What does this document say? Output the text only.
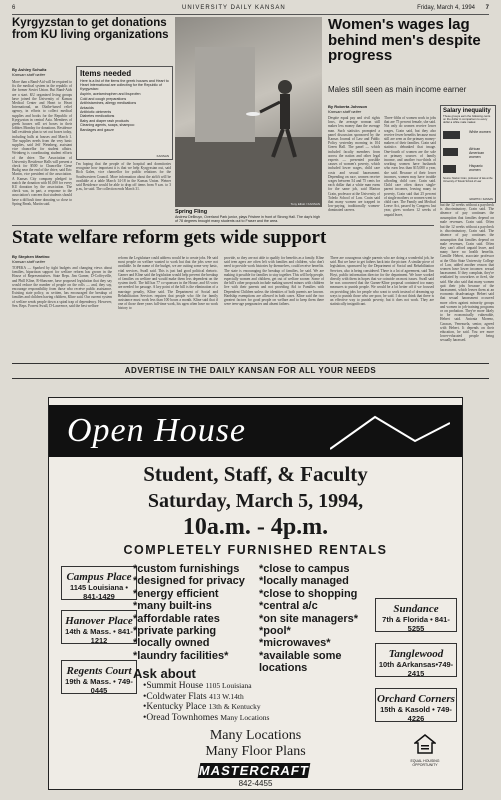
6	UNIVERSITY DAILY KANSAN	Friday, March 4, 1994 7
Kyrgyzstan to get donations from KU living organizations
By Ashley Schultz
Kansan staff writer
More than a Band-Aid will be required to fix the medical system in the republic of the former Soviet Union. But Band-Aids are a start. KU organized living groups have joined the University of Kansas Medical Center and Heart to Heart International, an Olathe-based relief agency, in efforts to collect medical supplies and books for the Republic of Kyrgyzstan in central Asia. Members of greek houses will set boxes in their lobbies Monday for donations. Residence hall residents plan to set out boxes today, including halls at houses and March 1. The supplies needs from the very basic supplies, said Jeff Weinberg, assistant vice chancellor for student affairs. Weinberg is coordinating student efforts of the drive. The Association of University Residence Halls will present a check for $500 to Chancellor Gene Budig near the end of the drive, said Eric Martin, vice president of the association. A Kansas City company pledged to match the donation with $1,000 for every KU donation by the association. The check was, in part, a response to the association's concern that students should have a difficult time donating so close to Spring Break, Martin said.
Items needed
Here is a list of the items the greek houses and Heart to Heart International are collecting for the Republic of Kyrgyzstan:
Aspirin, acetaminophen and ibuprofen
Cold and cough preparations
Antihistamines, allergy medications
Antacids
Antibiotic ointments
Diabetes medications
Baby and diaper rash products
Cleaning agents, soaps, shampoo
Bandages and gauze
KANSAN
I'm hoping that the people of the hospital and dormitories recognize how important it is that we help Kyrgyzstan out, said Rich Galen, vice chancellor for public relations for the Southwestern Council. More information about the airlift will be available at a table March 14-18 in the Kansas Union. Weiner said Residence would be able to drop off items from 9 a.m. to 3 p.m., he said. The collection ends March 31.
Tony Elliott / KANSAN
Spring Fling
Andrew DeBruyn, Overland Park junior, plays Frisbee in front of Strong Hall. The day's high of 78 degrees brought many students out to Fraser and the area.
Women's wages lag behind men's despite progress
Males still seen as main income earner
By Roberta Johnson
Kansan staff writer
Despite equal pay and civil rights laws, the average woman still makes less money than the average man. Such statistics prompted a panel discussion sponsored by the Kansas Journal of Law and Public Policy yesterday morning in 104 Green Hall. The panel — which included faculty members from across the nation and other legal experts — presented possible causes of women's poverty, which included lower wages, child care costs and sexual harassment. Depending on race, women receive wages between 54 and 75 cents for each dollar that a white man earns for the same job, said Marion Crain, professor at the University of Toledo School of Law. Crain said that many women are trapped in low-paying, traditionally women-dominated careers.
Three-fifths of women work in jobs that are 75 percent female, she said. Not only do women receive lower wages, Crain said, but they also receive fewer benefits because most still are seen as the primary money-makers of their families. Crain said statistics debunked that image. One-fourth of women are the sole or primary sources of family income, and another two-thirds of working women have husbands who earn less than $15,000 a year, she said. Because of their lower incomes, women may have trouble affording child care, Crain said. Child care often draws single-parent incomes, leaving many in poverty, Crain said that 25 percent of single mothers or women went to child care. The Family and Medical Leave Act, passed by Congress last year, gives workers 12 weeks of unpaid leave,
Salary inequality
These groups earn the following cents on the dollar in comparison to every dollar a white male makes:
White women
African American women
Hispanic women
Source: Marion Crain, professor of law at the University of Toledo School of Law
GRAPHIC / KANSAN
but the 12 weeks without a paycheck is discriminatory, Crain said. The absence of pay continues the assumption that families depend on male revenues, Crain said. Often
but the 12 weeks without a paycheck is discriminatory, Crain said. The absence of pay continues the assumption that families depend on male revenues, Crain said. Often they can't afford unpaid leave, and many have no health benefits. Camille Hebert, associate professor at the Ohio State University College of Law, added another reason that women have lower incomes: sexual harassment. If they complain, they're retaliated by coworkers or fired, she said. She also said that many women quit their jobs because of the harassment, which leaves them at an economic disadvantage. Hebert said that sexual harassment occurred more often against minority groups and women in job-training programs or on probation. They're more likely to be economically vulnerable, Hebert said. Antonia Moreno, Caracas, Venezuela, senior, agreed with Hebert. It depends on their education, he said. You see more lower-educated people being sexually harassed.
State welfare reform gets wide support
By Stephen Martino
Kansan staff writer
TOPEKA — Sparked by tight budgets and changing views about families, bipartisan support for welfare reform has grown in the House of Representatives. State Reps. Jim Garner, D-Coffeyville, and Phill Kline, R-Shawnee, have proposed legislation that they say would reduce the number of people on the rolls — and, they say, encourage responsibility from those who receive public assistance. Existing state policy, as written, has encouraged the breakup of families and children having children, Kline said. Our current system of welfare sends people down a spiral trap of dependency. However, Sen. Reps. Forrest Swall, D-Lawrence, said the best welfare
reform the Legislature could address would be to create jobs. He said most people on welfare wanted to work but that the jobs were not available. In the name of the budget, we are cutting some very basic, vital services, Swall said. This is just bad good political rhetoric. Garner and Kline said the legislation would help prevent the breakup of families on welfare and would make them less dependent on the system itself. The bill has 77 co-sponsors in the House, and 63 votes are needed for passage. A key point of the bill is the elimination of a marriage penalty, Kline said. The Department of Social and Rehabilitation Services requires that people who file for family assistance must work less than 100 hours a month. Kline said that if one of those three years full-time work, his agen often have no work history to
provide, so they are not able to qualify for benefits as a family. Kline said teen agers are often left with families and children, who don't need to provide work histories by themselves, could receive benefits. The state is encouraging the breakup of families, he said. We are making it possible for families to stay together. This will help people, especially women and children, get out of welfare sooner. Some of the bill's other proposals include making unwed minors with children live with their parents and not providing Aid to Families with Dependent Children unless the identities of both parents are known. Hardship exemptions are allowed in both cases. Kline said the two greatest factors for good people on welfare and to keep them there were teen-age pregnancies and absent fathers.
There are courageous single parents who are doing a wonderful job, he said. But we have to get fathers back into the picture. A similar piece of legislation, sponsored by the Department of Social and Rehabilitation Services, also is being considered. There is a lot of agreement, said Tim Hoyt, public information director for the department. We have worked directly with them in hopes that we coincide on most issues. Swall said he was concerned that the Garner-Kline proposal contained too many measures to punish people. We would be a lot better off if we focused on providing jobs for people who want to work instead of dreaming up ways to punish those who are poor, he said. I do not think that there is an effective way to punish poverty, but it does not work. They are statistically insignificant.
ADVERTISE IN THE DAILY KANSAN FOR ALL YOUR NEEDS
Open House
Student, Staff, & Faculty
Saturday, March 5, 1994,
10a.m. - 4p.m.
COMPLETELY FURNISHED RENTALS
Campus Place
1145 Louisiana • 841-1429
Hanover Place
14th & Mass. • 841-1212
Regents Court
19th & Mass. • 749-0445
Sundance
7th & Florida • 841-5255
Tanglewood
10th &Arkansas•749-2415
Orchard Corners
15th & Kasold • 749-4226
*custom furnishings
*designed for privacy
*energy efficient
*many built-ins
*affordable rates
*private parking
*locally owned
*laundry facilities*
*close to campus
*locally managed
*close to shopping
*central a/c
*on site managers*
*pool*
*microwaves*
*available some locations
Ask about
•Summit House 1105 Louisiana
•Coldwater Flats 413 W.14th
•Kentucky Place 13th & Kentucky
•Oread Townhomes Many Locations
Many Locations
Many Floor Plans
MASTERCRAFT
842-4455
EQUAL HOUSING OPPORTUNITY
